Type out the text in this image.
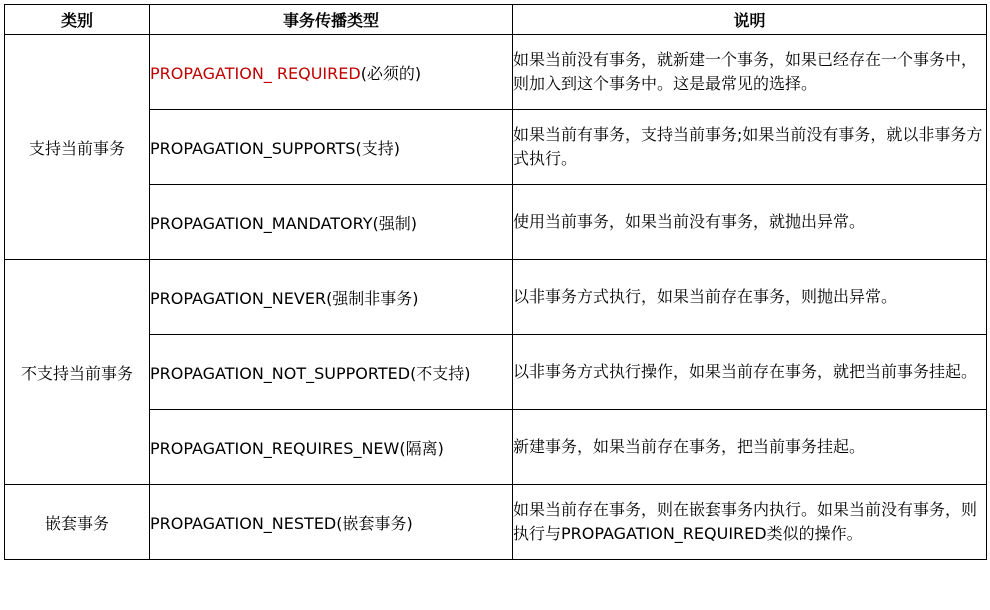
类别	事务传播类型	说明
支持当前事务	PROPAGATION_ REQUIRED(必须的)	如果当前没有事务，就新建一个事务，如果已经存在一个事务中，则加入到这个事务中。这是最常见的选择。
	PROPAGATION_SUPPORTS(支持)	如果当前有事务，支持当前事务;如果当前没有事务，就以非事务方式执行。
	PROPAGATION_MANDATORY(强制)	使用当前事务，如果当前没有事务，就抛出异常。
不支持当前事务	PROPAGATION_NEVER(强制非事务)	以非事务方式执行，如果当前存在事务，则抛出异常。
	PROPAGATION_NOT_SUPPORTED(不支持)	以非事务方式执行操作，如果当前存在事务，就把当前事务挂起。
	PROPAGATION_REQUIRES_NEW(隔离)	新建事务，如果当前存在事务，把当前事务挂起。
嵌套事务	PROPAGATION_NESTED(嵌套事务)	如果当前存在事务，则在嵌套事务内执行。如果当前没有事务，则执行与PROPAGATION_REQUIRED类似的操作。
